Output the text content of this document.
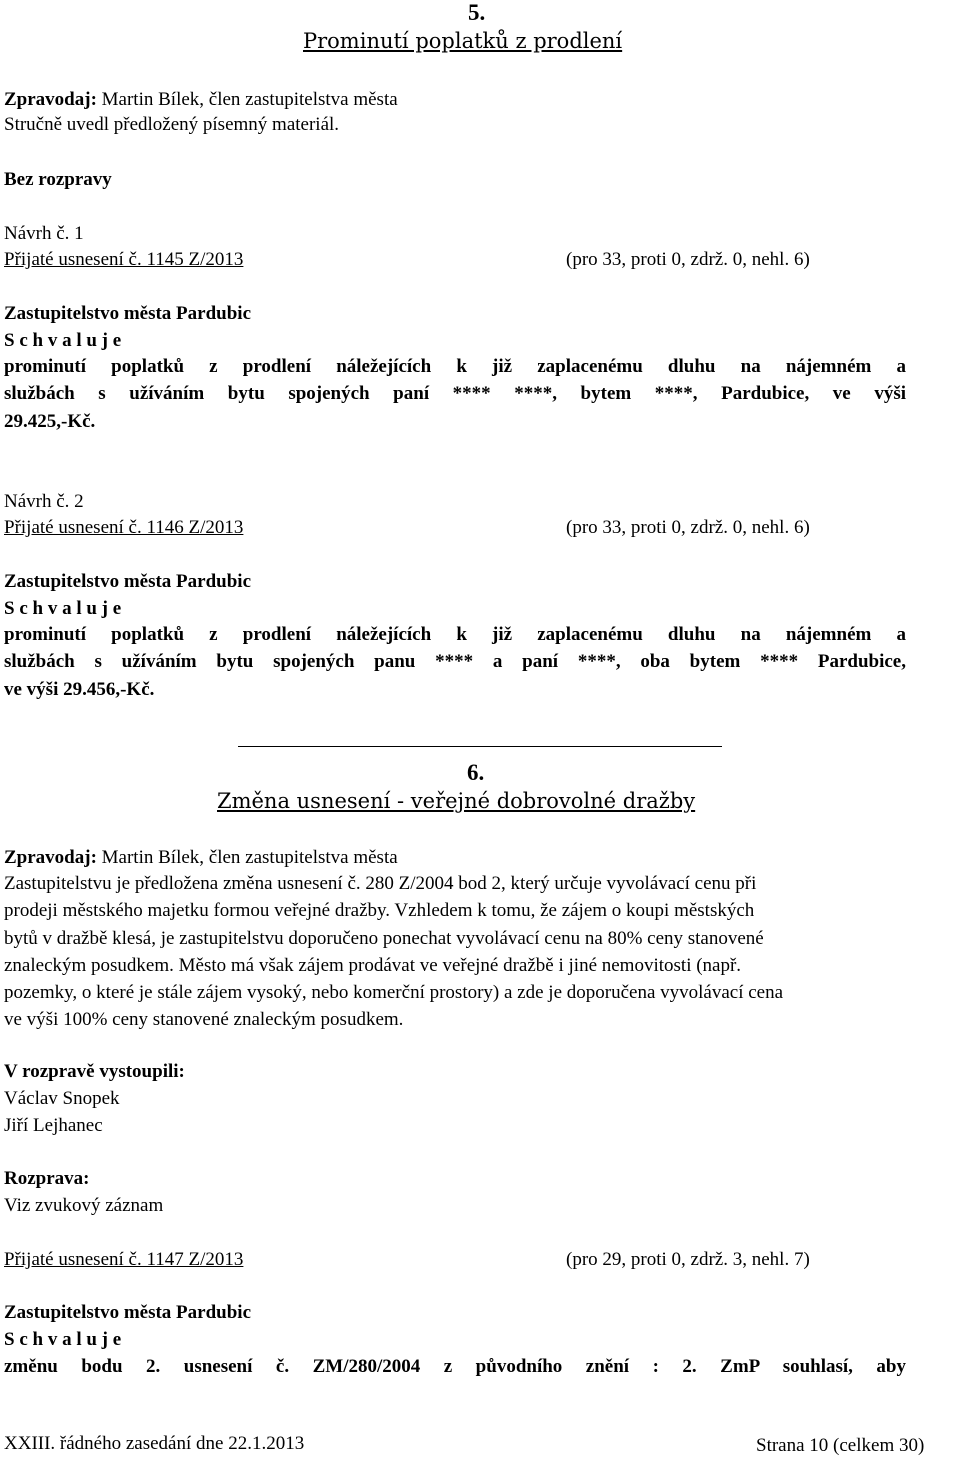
5.
Prominutí poplatků z prodlení
Zpravodaj: Martin Bílek, člen zastupitelstva města
Stručně uvedl předložený písemný materiál.
Bez rozpravy
Návrh č. 1
Přijaté usnesení č. 1145 Z/2013	(pro 33, proti 0, zdrž. 0, nehl. 6)
Zastupitelstvo města Pardubic
S c h v a l u j e
prominutí poplatků z prodlení náležejících k již zaplacenému dluhu na nájemném a
službách s užíváním bytu spojených paní **** ****, bytem ****, Pardubice, ve výši
29.425,-Kč.
Návrh č. 2
Přijaté usnesení č. 1146 Z/2013	(pro 33, proti 0, zdrž. 0, nehl. 6)
Zastupitelstvo města Pardubic
S c h v a l u j e
prominutí poplatků z prodlení náležejících k již zaplacenému dluhu na nájemném a
službách s užíváním bytu spojených panu **** a paní ****, oba bytem **** Pardubice,
ve výši 29.456,-Kč.
6.
Změna usnesení - veřejné dobrovolné dražby
Zpravodaj: Martin Bílek, člen zastupitelstva města
Zastupitelstvu je předložena změna usnesení č. 280 Z/2004 bod 2, který určuje vyvolávací cenu při
prodeji městského majetku formou veřejné dražby. Vzhledem k tomu, že zájem o koupi městských
bytů v dražbě klesá, je zastupitelstvu doporučeno ponechat vyvolávací cenu na 80% ceny stanovené
znaleckým posudkem. Město má však zájem prodávat ve veřejné dražbě i jiné nemovitosti (např.
pozemky, o které je stále zájem vysoký, nebo komerční prostory) a zde je doporučena vyvolávací cena
ve výši 100% ceny stanovené znaleckým posudkem.
V rozpravě vystoupili:
Václav Snopek
Jiří Lejhanec
Rozprava:
Viz zvukový záznam
Přijaté usnesení č. 1147 Z/2013	(pro 29, proti 0, zdrž. 3, nehl. 7)
Zastupitelstvo města Pardubic
S c h v a l u j e
změnu bodu 2. usnesení č. ZM/280/2004 z původního znění : 2. ZmP souhlasí, aby
XXIII. řádného zasedání dne 22.1.2013	Strana 10 (celkem 30)
